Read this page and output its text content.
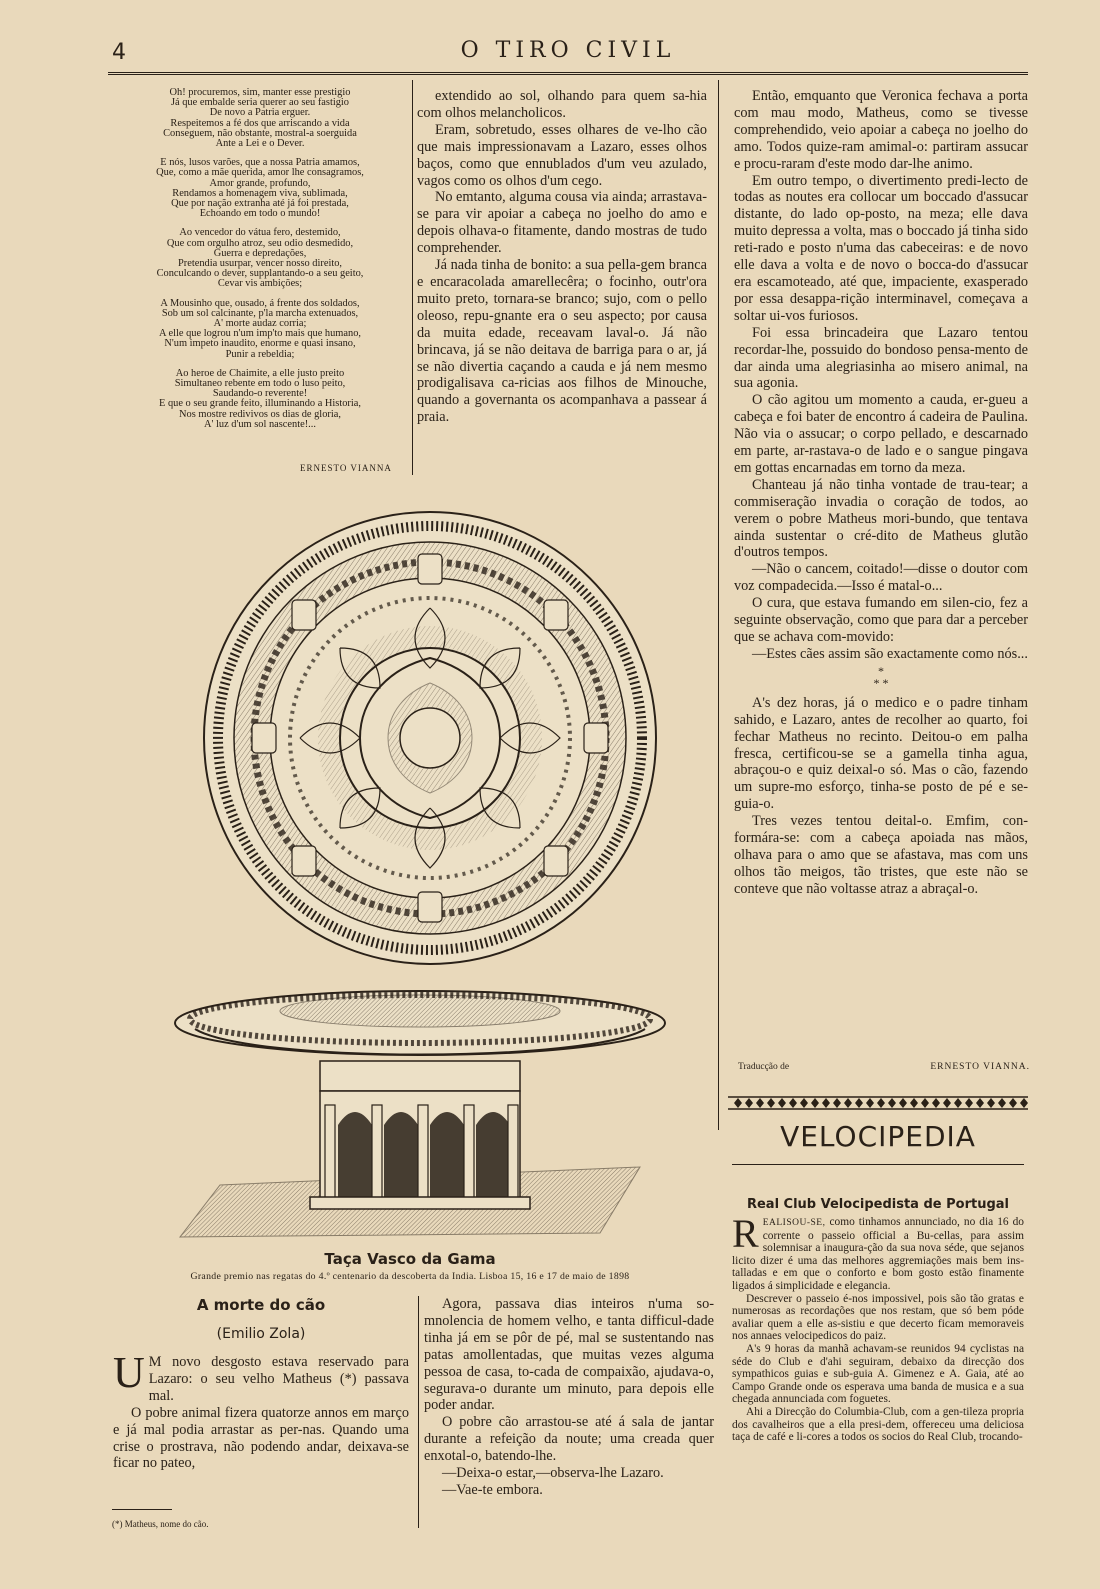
4	O TIRO CIVIL
Oh! procuremos, sim, manter esse prestigio
Já que embalde seria querer ao seu fastigio
De novo a Patria erguer.
Respeitemos a fé dos que arriscando a vida
Conseguem, não obstante, mostral-a soerguida
Ante a Lei e o Dever.
E nós, lusos varões, que a nossa Patria amamos,
Que, como a mãe querida, amor lhe consagramos,
Amor grande, profundo,
Rendamos a homenagem viva, sublimada,
Que por nação extranha até já foi prestada,
Echoando em todo o mundo!
Ao vencedor do vátua fero, destemido,
Que com orgulho atroz, seu odio desmedido,
Guerra e depredações,
Pretendia usurpar, vencer nosso direito,
Conculcando o dever, supplantando-o a seu geito,
Cevar vis ambições;
A Mousinho que, ousado, á frente dos soldados,
Sob um sol calcinante, p'la marcha extenuados,
A' morte audaz corria;
A elle que logrou n'um imp'to mais que humano,
N'um impeto inaudito, enorme e quasi insano,
Punir a rebeldia;
Ao heroe de Chaimite, a elle justo preito
Simultaneo rebente em todo o luso peito,
Saudando-o reverente!
E que o seu grande feito, illuminando a Historia,
Nos mostre redivivos os dias de gloria,
A' luz d'um sol nascente!...
ERNESTO VIANNA

extendido ao sol, olhando para quem sa-hia com olhos melancholicos.

Eram, sobretudo, esses olhares de ve-lho cão que mais impressionavam a Lazaro, esses olhos baços, como que ennublados d'um veu azulado, vagos como os olhos d'um cego.

No emtanto, alguma cousa via ainda; arrastava-se para vir apoiar a cabeça no joelho do amo e depois olhava-o fitamente, dando mostras de tudo comprehender.

Já nada tinha de bonito: a sua pella-gem branca e encaracolada amarellecêra; o focinho, outr'ora muito preto, tornara-se branco; sujo, com o pello oleoso, repu-gnante era o seu aspecto; por causa da muita edade, receavam laval-o. Já não brincava, já se não deitava de barriga para o ar, já se não divertia caçando a cauda e já nem mesmo prodigalisava ca-ricias aos filhos de Minouche, quando a governanta os acompanhava a passear á praia.

Então, emquanto que Veronica fechava a porta com mau modo, Matheus, como se tivesse comprehendido, veio apoiar a cabeça no joelho do amo. Todos quize-ram amimal-o: partiram assucar e procu-raram d'este modo dar-lhe animo.

Em outro tempo, o divertimento predi-lecto de todas as noutes era collocar um boccado d'assucar distante, do lado op-posto, na meza; elle dava muito depressa a volta, mas o boccado já tinha sido reti-rado e posto n'uma das cabeceiras: e de novo elle dava a volta e de novo o bocca-do d'assucar era escamoteado, até que, impaciente, exasperado por essa desappa-rição interminavel, começava a soltar ui-vos furiosos.

Foi essa brincadeira que Lazaro tentou recordar-lhe, possuido do bondoso pensa-mento de dar ainda uma alegriasinha ao misero animal, na sua agonia.

O cão agitou um momento a cauda, er-gueu a cabeça e foi bater de encontro á cadeira de Paulina. Não via o assucar; o corpo pellado, e descarnado em parte, ar-rastava-o de lado e o sangue pingava em gottas encarnadas em torno da meza.

Chanteau já não tinha vontade de trau-tear; a commiseração invadia o coração de todos, ao verem o pobre Matheus mori-bundo, que tentava ainda sustentar o cré-dito de Matheus glutão d'outros tempos.

—Não o cancem, coitado!—disse o doutor com voz compadecida.—Isso é matal-o...

O cura, que estava fumando em silen-cio, fez a seguinte observação, como que para dar a perceber que se achava com-movido:

—Estes cães assim são exactamente como nós...

*
* *

A's dez horas, já o medico e o padre tinham sahido, e Lazaro, antes de recolher ao quarto, foi fechar Matheus no recinto. Deitou-o em palha fresca, certificou-se se a gamella tinha agua, abraçou-o e quiz deixal-o só. Mas o cão, fazendo um supre-mo esforço, tinha-se posto de pé e se-guia-o.

Tres vezes tentou deital-o. Emfim, con-formára-se: com a cabeça apoiada nas mãos, olhava para o amo que se afastava, mas com uns olhos tão meigos, tão tristes, que este não se conteve que não voltasse atraz a abraçal-o.

Taça Vasco da Gama
Grande premio nas regatas do 4.º centenario da descoberta da India. Lisboa 15, 16 e 17 de maio de 1898
A morte do cão
(Emilio Zola)

U M novo desgosto estava reservado para Lazaro: o seu velho Matheus (*) passava mal.

O pobre animal fizera quatorze annos em março e já mal podia arrastar as per-nas. Quando uma crise o prostrava, não podendo andar, deixava-se ficar no pateo,

(*) Matheus, nome do cão.

Agora, passava dias inteiros n'uma so-mnolencia de homem velho, e tanta difficul-dade tinha já em se pôr de pé, mal se sustentando nas patas amollentadas, que muitas vezes alguma pessoa de casa, to-cada de compaixão, ajudava-o, segurava-o durante um minuto, para depois elle poder andar.

O pobre cão arrastou-se até á sala de jantar durante a refeição da noute; uma creada quer enxotal-o, batendo-lhe.

—Deixa-o estar,—observa-lhe Lazaro.

—Vae-te embora.

Traducção de	ERNESTO VIANNA.
VELOCIPEDIA
Real Club Velocipedista de Portugal

REALISOU-SE, como tinhamos annunciado, no dia 16 do corrente o passeio official a Bu-cellas, para assim solemnisar a inaugura-ção da sua nova séde, que sejanos licito dizer é uma das melhores aggremiações mais bem ins-talladas e em que o conforto e bom gosto estão finamente ligados á simplicidade e elegancia.

Descrever o passeio é-nos impossivel, pois são tão gratas e numerosas as recordações que nos restam, que só bem póde avaliar quem a elle as-sistiu e que decerto ficam memoraveis nos annaes velocipedicos do paiz.

A's 9 horas da manhã achavam-se reunidos 94 cyclistas na séde do Club e d'ahi seguiram, debaixo da direcção dos sympathicos guias e sub-guia A. Gimenez e A. Gaia, até ao Campo Grande onde os esperava uma banda de musica e a sua chegada annunciada com foguetes.

Ahi a Direcção do Columbia-Club, com a gen-tileza propria dos cavalheiros que a ella presi-dem, offereceu uma deliciosa taça de café e li-cores a todos os socios do Real Club, trocando-
